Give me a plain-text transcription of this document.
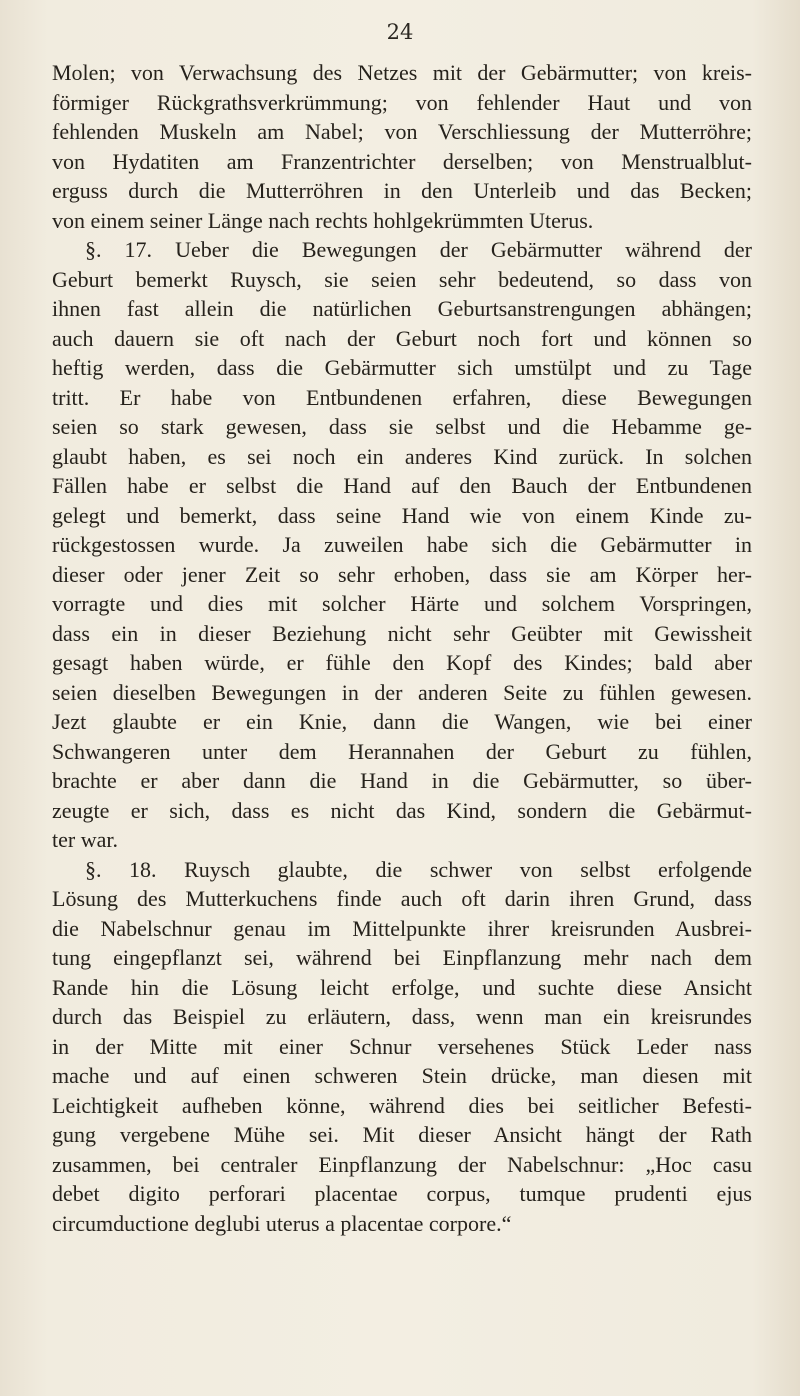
24
Molen; von Verwachsung des Netzes mit der Gebärmutter; von kreis-
förmiger Rückgrathsverkrümmung; von fehlender Haut und von
fehlenden Muskeln am Nabel; von Verschliessung der Mutterröhre;
von Hydatiten am Franzentrichter derselben; von Menstrualblut-
erguss durch die Mutterröhren in den Unterleib und das Becken;
von einem seiner Länge nach rechts hohlgekrümmten Uterus.
§. 17. Ueber die Bewegungen der Gebärmutter während der
Geburt bemerkt Ruysch, sie seien sehr bedeutend, so dass von
ihnen fast allein die natürlichen Geburtsanstrengungen abhängen;
auch dauern sie oft nach der Geburt noch fort und können so
heftig werden, dass die Gebärmutter sich umstülpt und zu Tage
tritt. Er habe von Entbundenen erfahren, diese Bewegungen
seien so stark gewesen, dass sie selbst und die Hebamme ge-
glaubt haben, es sei noch ein anderes Kind zurück. In solchen
Fällen habe er selbst die Hand auf den Bauch der Entbundenen
gelegt und bemerkt, dass seine Hand wie von einem Kinde zu-
rückgestossen wurde. Ja zuweilen habe sich die Gebärmutter in
dieser oder jener Zeit so sehr erhoben, dass sie am Körper her-
vorragte und dies mit solcher Härte und solchem Vorspringen,
dass ein in dieser Beziehung nicht sehr Geübter mit Gewissheit
gesagt haben würde, er fühle den Kopf des Kindes; bald aber
seien dieselben Bewegungen in der anderen Seite zu fühlen gewesen.
Jezt glaubte er ein Knie, dann die Wangen, wie bei einer
Schwangeren unter dem Herannahen der Geburt zu fühlen,
brachte er aber dann die Hand in die Gebärmutter, so über-
zeugte er sich, dass es nicht das Kind, sondern die Gebärmut-
ter war.
§. 18. Ruysch glaubte, die schwer von selbst erfolgende
Lösung des Mutterkuchens finde auch oft darin ihren Grund, dass
die Nabelschnur genau im Mittelpunkte ihrer kreisrunden Ausbrei-
tung eingepflanzt sei, während bei Einpflanzung mehr nach dem
Rande hin die Lösung leicht erfolge, und suchte diese Ansicht
durch das Beispiel zu erläutern, dass, wenn man ein kreisrundes
in der Mitte mit einer Schnur versehenes Stück Leder nass
mache und auf einen schweren Stein drücke, man diesen mit
Leichtigkeit aufheben könne, während dies bei seitlicher Befesti-
gung vergebene Mühe sei. Mit dieser Ansicht hängt der Rath
zusammen, bei centraler Einpflanzung der Nabelschnur: „Hoc casu
debet digito perforari placentae corpus, tumque prudenti ejus
circumductione deglubi uterus a placentae corpore.“
